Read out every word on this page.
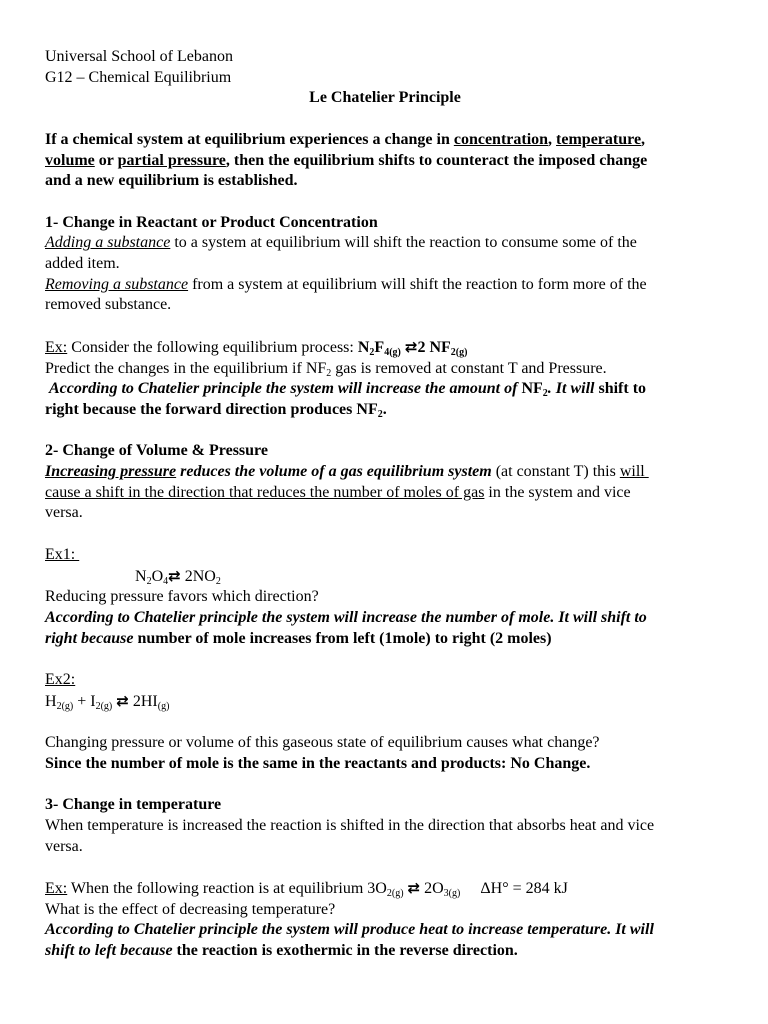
Universal School of Lebanon
G12 – Chemical Equilibrium
Le Chatelier Principle
If a chemical system at equilibrium experiences a change in concentration, temperature,
volume or partial pressure, then the equilibrium shifts to counteract the imposed change
and a new equilibrium is established.
1- Change in Reactant or Product Concentration
Adding a substance to a system at equilibrium will shift the reaction to consume some of the
added item.
Removing a substance from a system at equilibrium will shift the reaction to form more of the
removed substance.
Ex: Consider the following equilibrium process: $N_2F_{4(g)}$ ⇄2 $NF_{2(g)}$
Predict the changes in the equilibrium if $NF_2$ gas is removed at constant T and Pressure.
According to Chatelier principle the system will increase the amount of $NF_2$. It will shift to
right because the forward direction produces $NF_2$.
2- Change of Volume & Pressure
Increasing pressure reduces the volume of a gas equilibrium system (at constant T) this will
cause a shift in the direction that reduces the number of moles of gas in the system and vice
versa.
Ex1:
$N_2O_4⇄$ $2NO_2$
Reducing pressure favors which direction?
According to Chatelier principle the system will increase the number of mole. It will shift to
right because number of mole increases from left (1mole) to right (2 moles)
Ex2:
$H_{2(g)} + I_{2(g)}$ ⇄ $2HI_{(g)}$
Changing pressure or volume of this gaseous state of equilibrium causes what change?
Since the number of mole is the same in the reactants and products: No Change.
3- Change in temperature
When temperature is increased the reaction is shifted in the direction that absorbs heat and vice
versa.
Ex: When the following reaction is at equilibrium $3O_{2(g)}$ ⇄ $2O_{3(g)}$     ΔH° = 284 kJ
What is the effect of decreasing temperature?
According to Chatelier principle the system will produce heat to increase temperature. It will
shift to left because the reaction is exothermic in the reverse direction.
